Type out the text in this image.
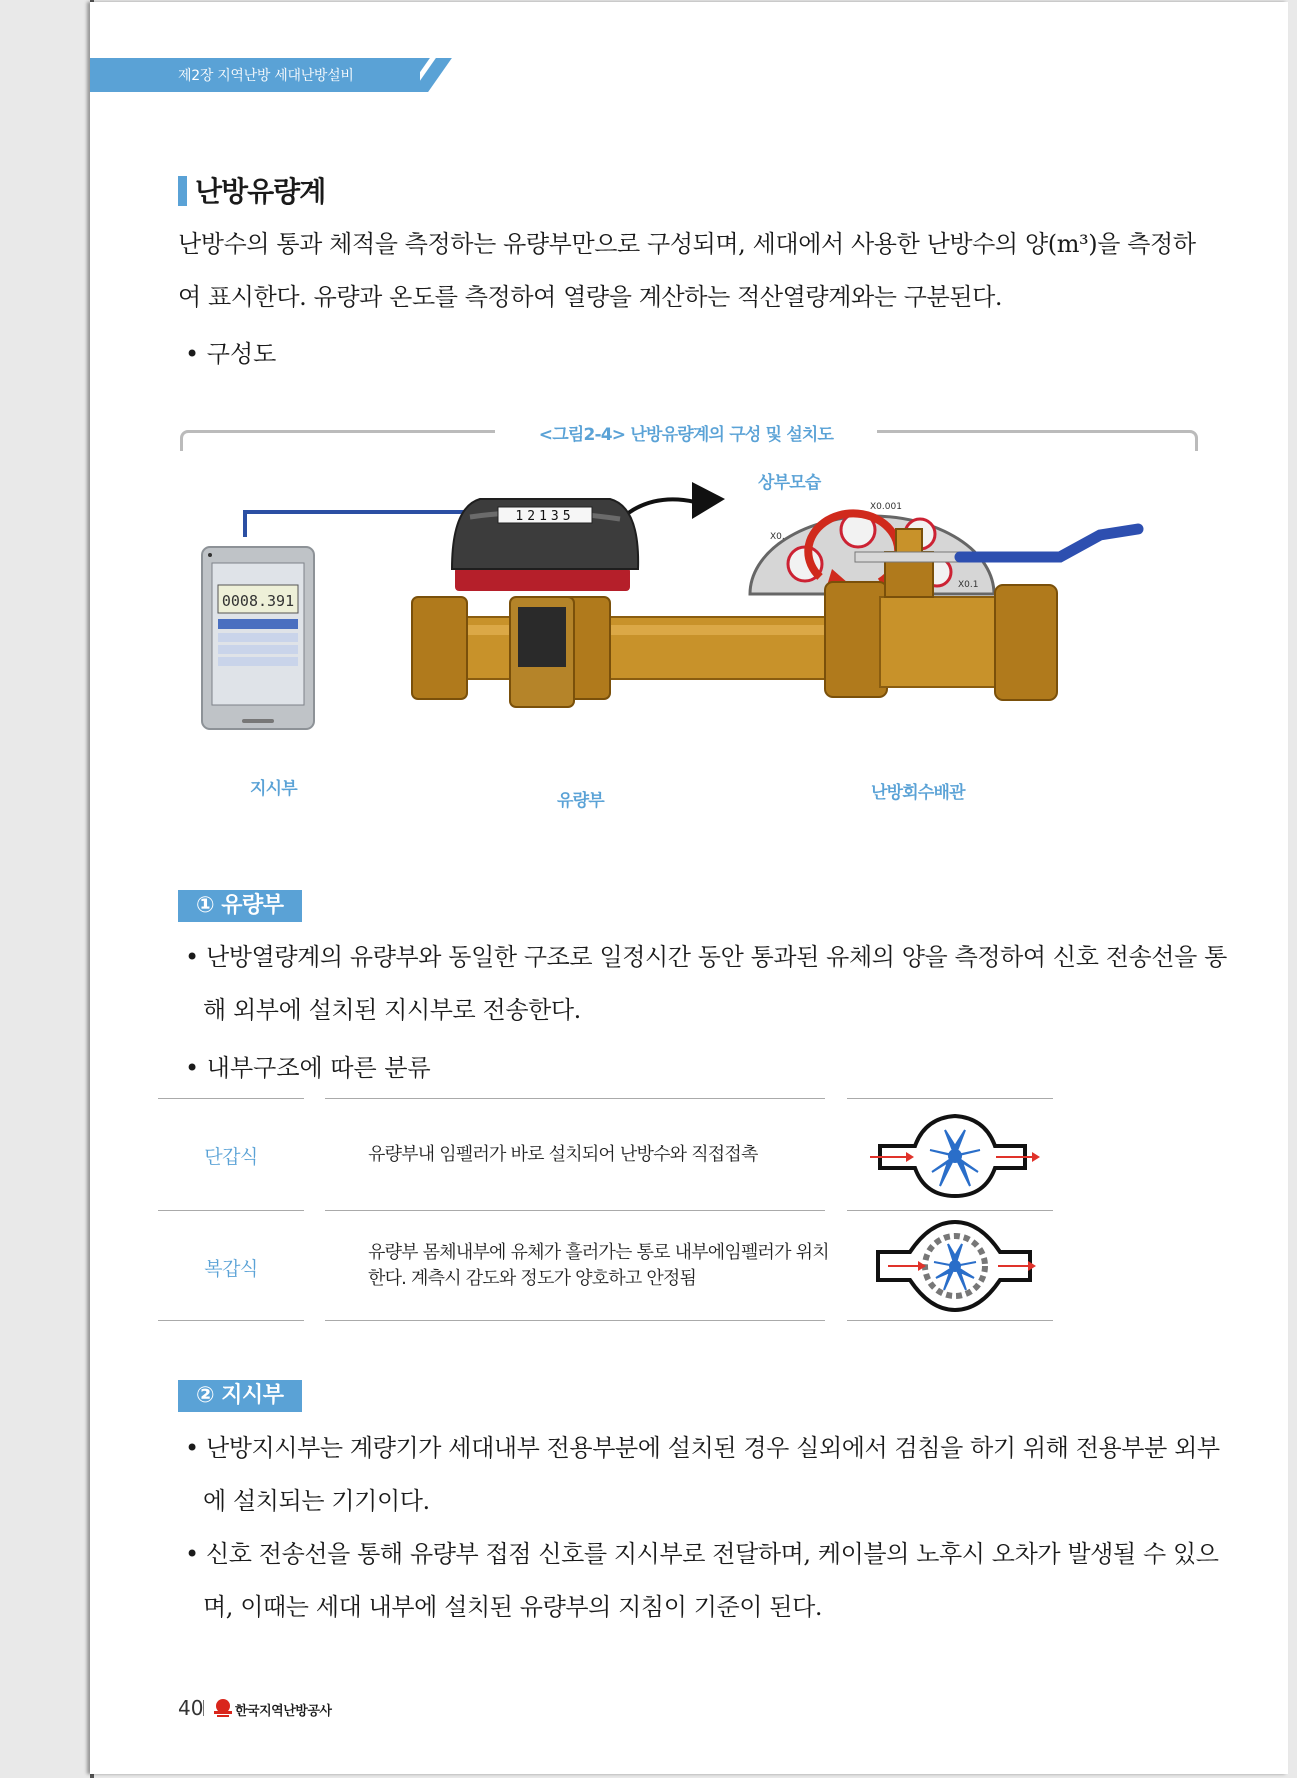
제2장 지역난방 세대난방설비
난방유량계
난방수의 통과 체적을 측정하는 유량부만으로 구성되며, 세대에서 사용한 난방수의 양(m³)을 측정하여 표시한다. 유량과 온도를 측정하여 열량을 계산하는 적산열량계와는 구분된다.
• 구성도
<그림2-4> 난방유량계의 구성 및 설치도
0008.391
X0.001
X0.1
X0.
12135
상부모습
지시부
유량부	난방회수배관
① 유량부
• 난방열량계의 유량부와 동일한 구조로 일정시간 동안 통과된 유체의 양을 측정하여 신호 전송선을 통해 외부에 설치된 지시부로 전송한다.
• 내부구조에 따른 분류
단갑식	유량부내 임펠러가 바로 설치되어 난방수와 직접접촉
복갑식
유량부 몸체내부에 유체가 흘러가는 통로 내부에임펠러가 위치한다. 계측시 감도와 정도가 양호하고 안정됨
② 지시부
• 난방지시부는 계량기가 세대내부 전용부분에 설치된 경우 실외에서 검침을 하기 위해 전용부분 외부에 설치되는 기기이다.
• 신호 전송선을 통해 유량부 접점 신호를 지시부로 전달하며, 케이블의 노후시 오차가 발생될 수 있으며, 이때는 세대 내부에 설치된 유량부의 지침이 기준이 된다.
40 한국지역난방공사
